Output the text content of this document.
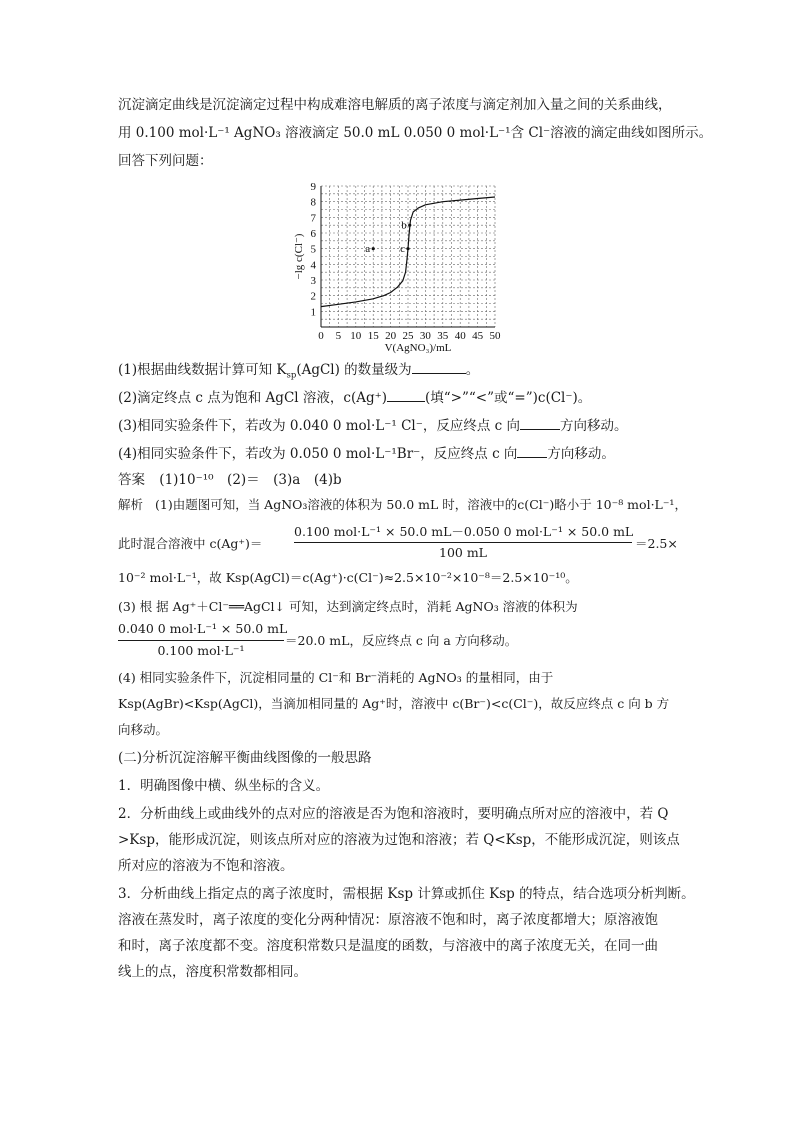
沉淀滴定曲线是沉淀滴定过程中构成难溶电解质的离子浓度与滴定剂加入量之间的关系曲线，
用 0.100 mol·L⁻¹ AgNO₃ 溶液滴定 50.0 mL 0.050 0 mol·L⁻¹含 Cl⁻溶液的滴定曲线如图所示。
回答下列问题：
0 5 10 15 20 25 30 35 40 45 50
1
2
3
4
5
6
7
8
9
V(AgNO₃)/mL
−lg c(Cl⁻)	a
b
c
(1)根据曲线数据计算可知 $K_{sp}(AgCl)$ 的数量级为	。
(2)滴定终点 c 点为饱和 AgCl 溶液，c(Ag⁺)	(填“>”“<”或“=”)c(Cl⁻)。
(3)相同实验条件下，若改为 0.040 0 mol·L⁻¹ Cl⁻，反应终点 c 向	方向移动。
(4)相同实验条件下，若改为 0.050 0 mol·L⁻¹Br⁻，反应终点 c 向 方向移动。
答案 (1)10⁻¹⁰　(2)＝　(3)a　(4)b
解析 (1)由题图可知，当 AgNO₃溶液的体积为 50.0 mL 时，溶液中的c(Cl⁻)略小于 10⁻⁸ mol·L⁻¹，
此时混合溶液中 c(Ag⁺)＝
0.100 mol·L⁻¹ × 50.0 mL－0.050 0 mol·L⁻¹ × 50.0 mL
100 mL
＝2.5×
10⁻² mol·L⁻¹，故 Ksp(AgCl)＝c(Ag⁺)·c(Cl⁻)≈2.5×10⁻²×10⁻⁸＝2.5×10⁻¹⁰。
(3) 根 据 Ag⁺＋Cl⁻══AgCl↓ 可知，达到滴定终点时，消耗 AgNO₃ 溶液的体积为
0.040 0 mol·L⁻¹ × 50.0 mL
0.100 mol·L⁻¹
＝20.0 mL，反应终点 c 向 a 方向移动。
(4) 相同实验条件下，沉淀相同量的 Cl⁻和 Br⁻消耗的 AgNO₃ 的量相同，由于
Ksp(AgBr)<Ksp(AgCl)，当滴加相同量的 Ag⁺时，溶液中 c(Br⁻)<c(Cl⁻)，故反应终点 c 向 b 方
向移动。
(二)分析沉淀溶解平衡曲线图像的一般思路
1．明确图像中横、纵坐标的含义。
2．分析曲线上或曲线外的点对应的溶液是否为饱和溶液时，要明确点所对应的溶液中，若 Q
>Ksp，能形成沉淀，则该点所对应的溶液为过饱和溶液；若 Q<Ksp，不能形成沉淀，则该点
所对应的溶液为不饱和溶液。
3．分析曲线上指定点的离子浓度时，需根据 Ksp 计算或抓住 Ksp 的特点，结合选项分析判断。
溶液在蒸发时，离子浓度的变化分两种情况：原溶液不饱和时，离子浓度都增大；原溶液饱
和时，离子浓度都不变。溶度积常数只是温度的函数，与溶液中的离子浓度无关，在同一曲
线上的点，溶度积常数都相同。
